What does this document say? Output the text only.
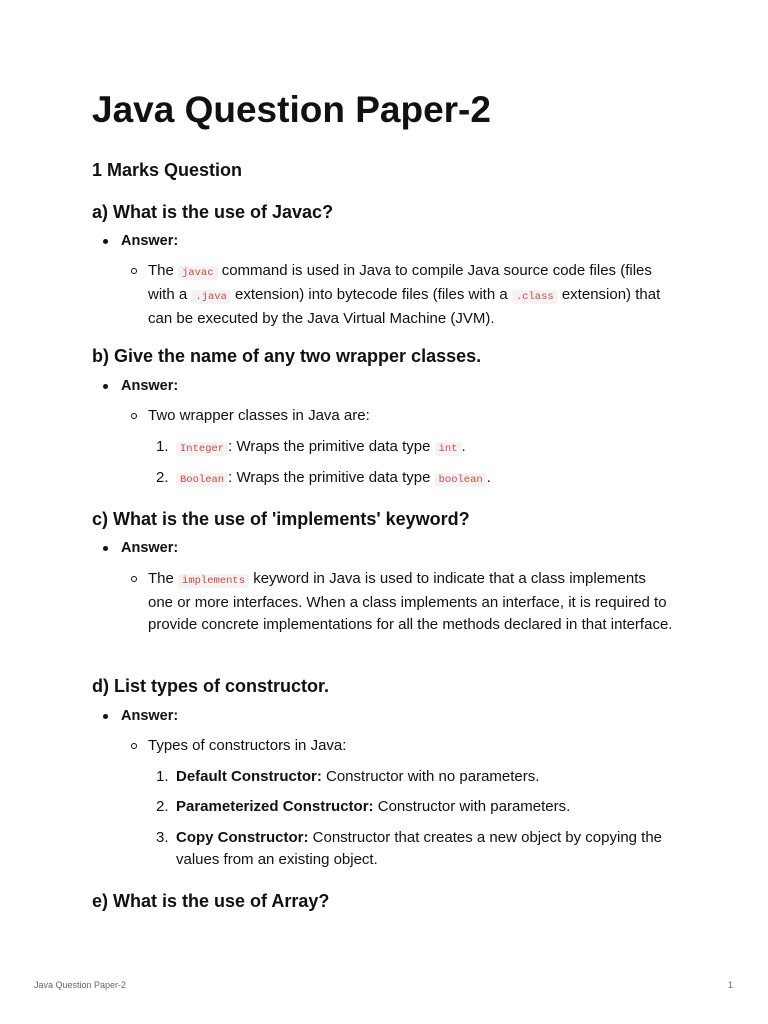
Java Question Paper-2
1 Marks Question
a) What is the use of Javac?
Answer:
The javac command is used in Java to compile Java source code files (files with a .java extension) into bytecode files (files with a .class extension) that can be executed by the Java Virtual Machine (JVM).
b) Give the name of any two wrapper classes.
Answer:
Two wrapper classes in Java are:
1.	Integer : Wraps the primitive data type int .
2.	Boolean : Wraps the primitive data type boolean .
c) What is the use of 'implements' keyword?
Answer:
The implements keyword in Java is used to indicate that a class implements one or more interfaces. When a class implements an interface, it is required to provide concrete implementations for all the methods declared in that interface.
d) List types of constructor.
Answer:
Types of constructors in Java:
1. Default Constructor: Constructor with no parameters.
2. Parameterized Constructor: Constructor with parameters.
3. Copy Constructor: Constructor that creates a new object by copying the values from an existing object.
e) What is the use of Array?
Java Question Paper-2	1
